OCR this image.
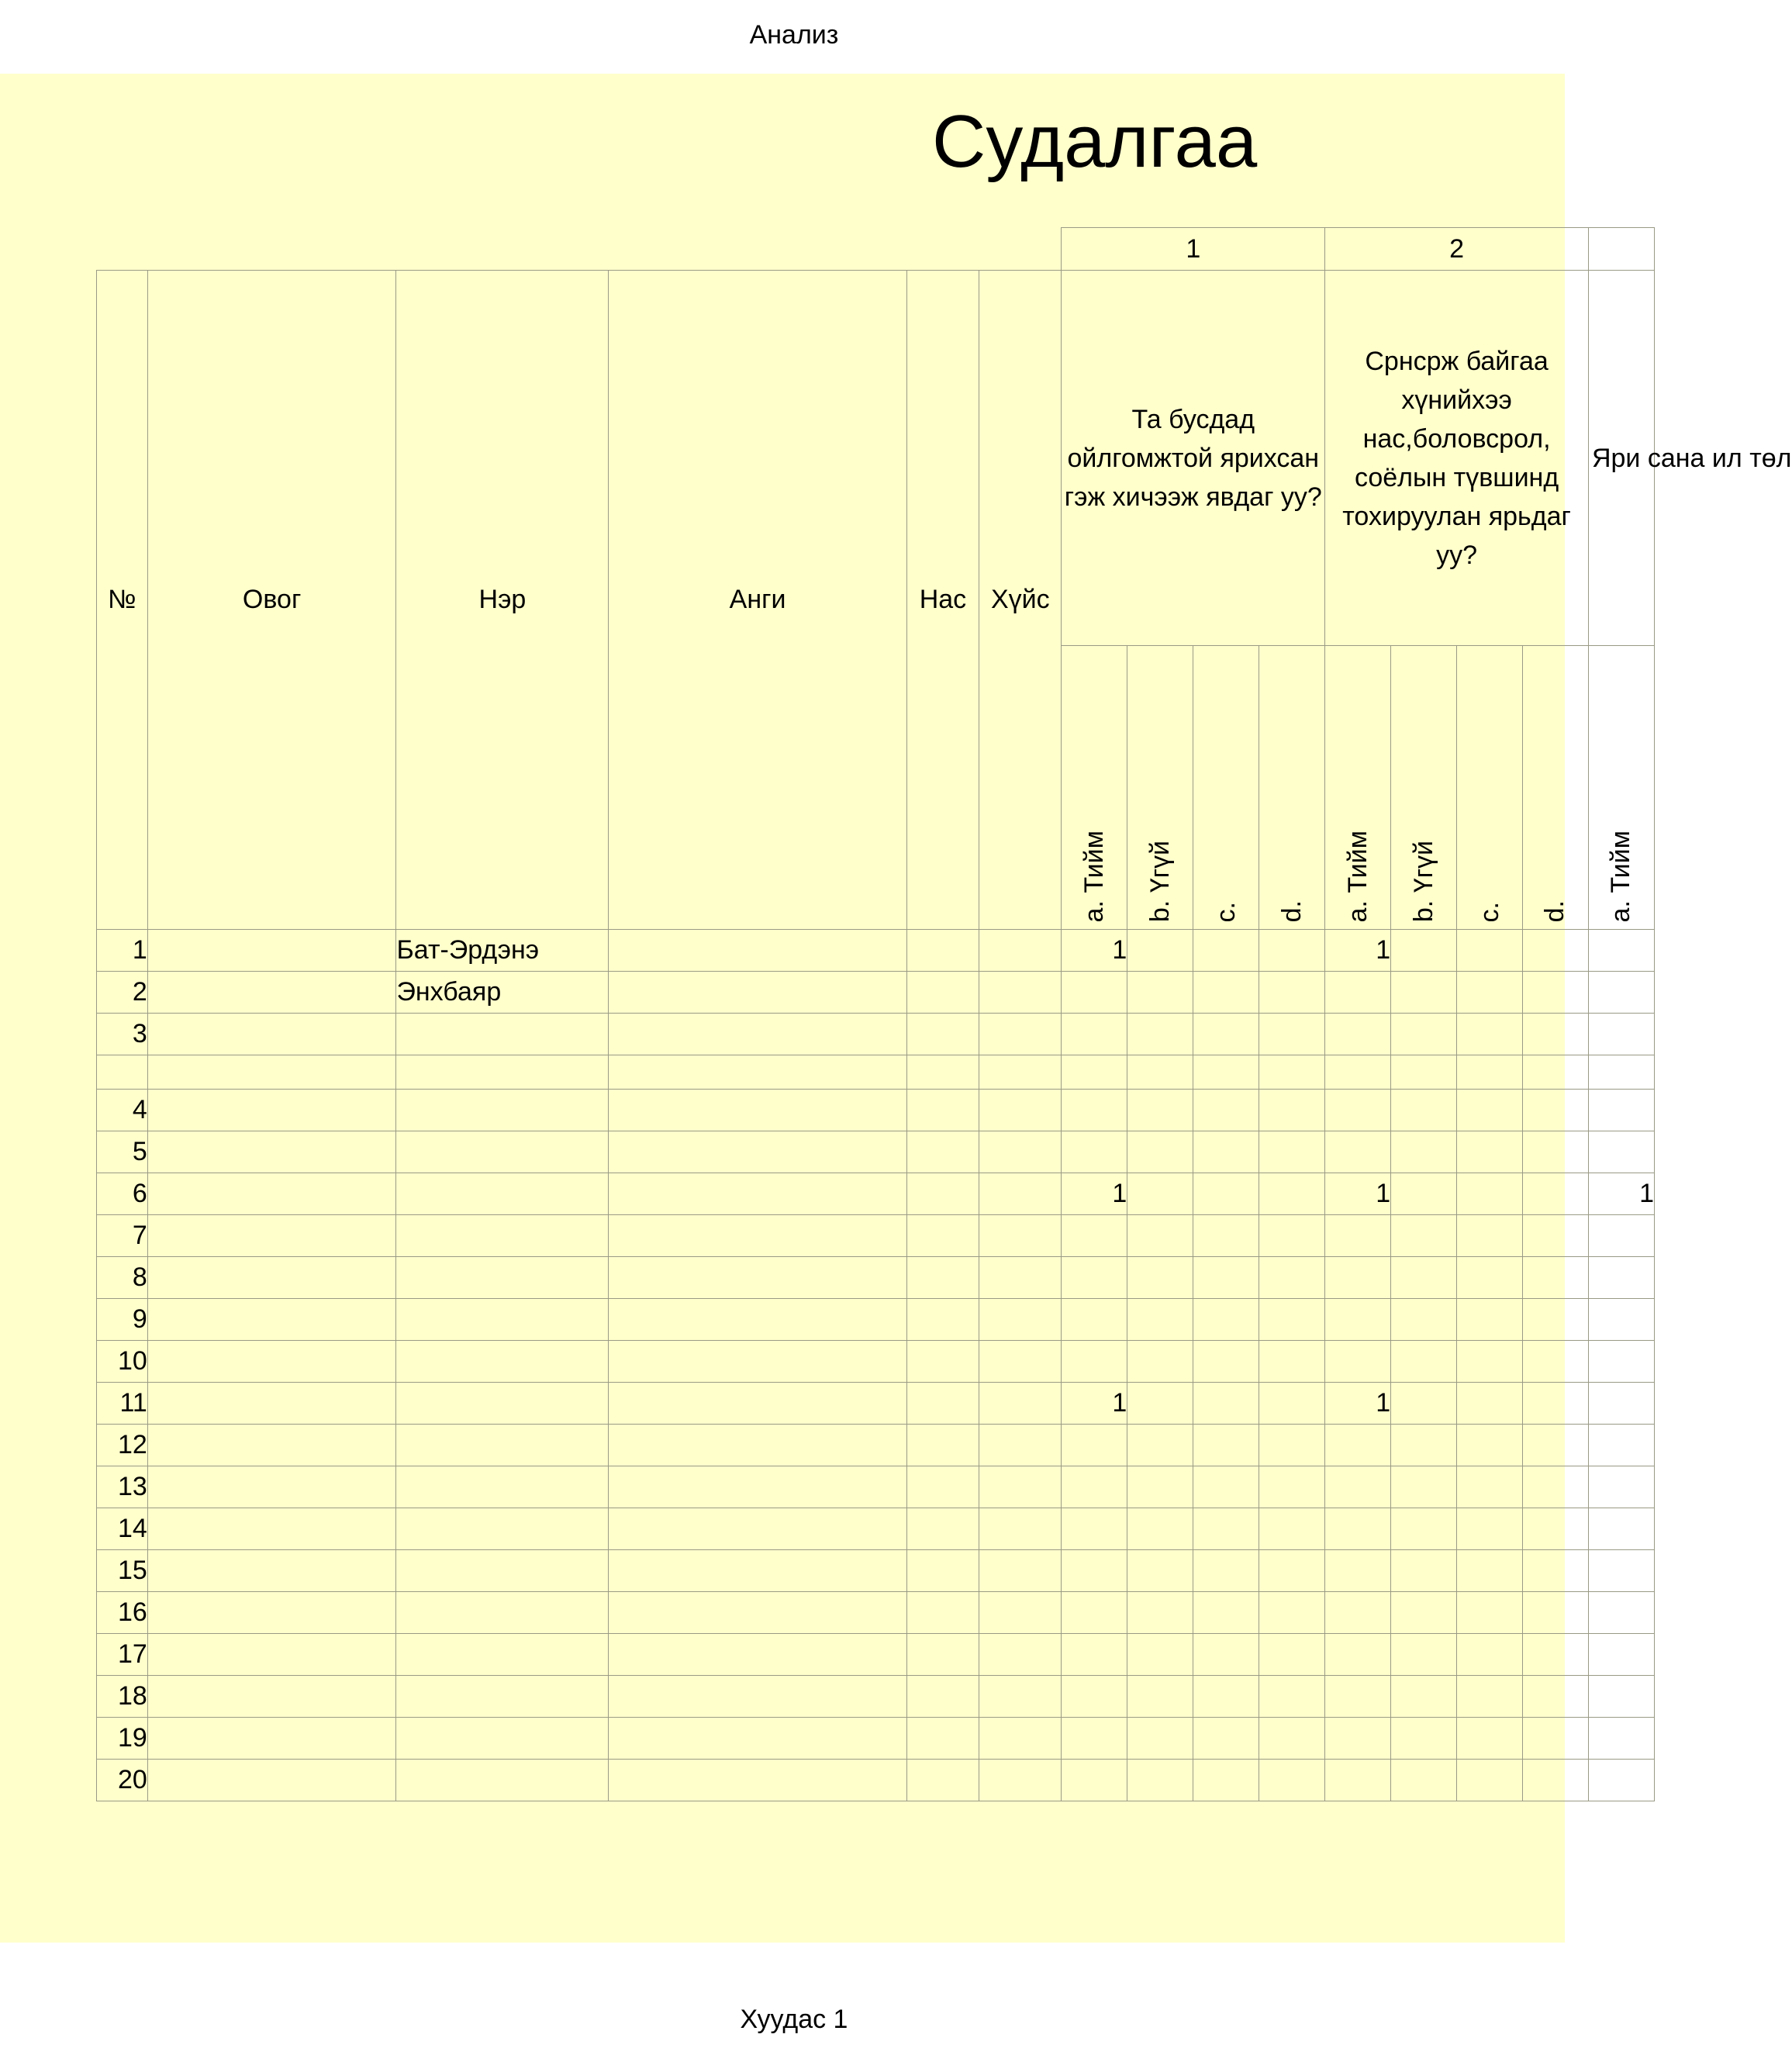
Анализ
Судалгаа
						1				2				
№	Овог	Нэр	Анги	Нас	Хүйс	Та бусдад ойлгомжтой ярихсан гэж хичээж явдаг уу?				Срнсрж байгаа хүнийхээ нас,боловсрол, соёлын түвшинд тохируулан ярьдаг уу?				Яри сана ил төл
						a. Тийм	b. Үгүй	c.	d.	a. Тийм	b. Үгүй	c.	d.	a. Тийм
1		Бат-Эрдэнэ				1				1				
2		Энхбаяр												
3														

4														
5														
6						1				1				1
7														
8														
9														
10														
11						1				1				
12														
13														
14														
15														
16														
17														
18														
19														
20														
Хуудас 1
